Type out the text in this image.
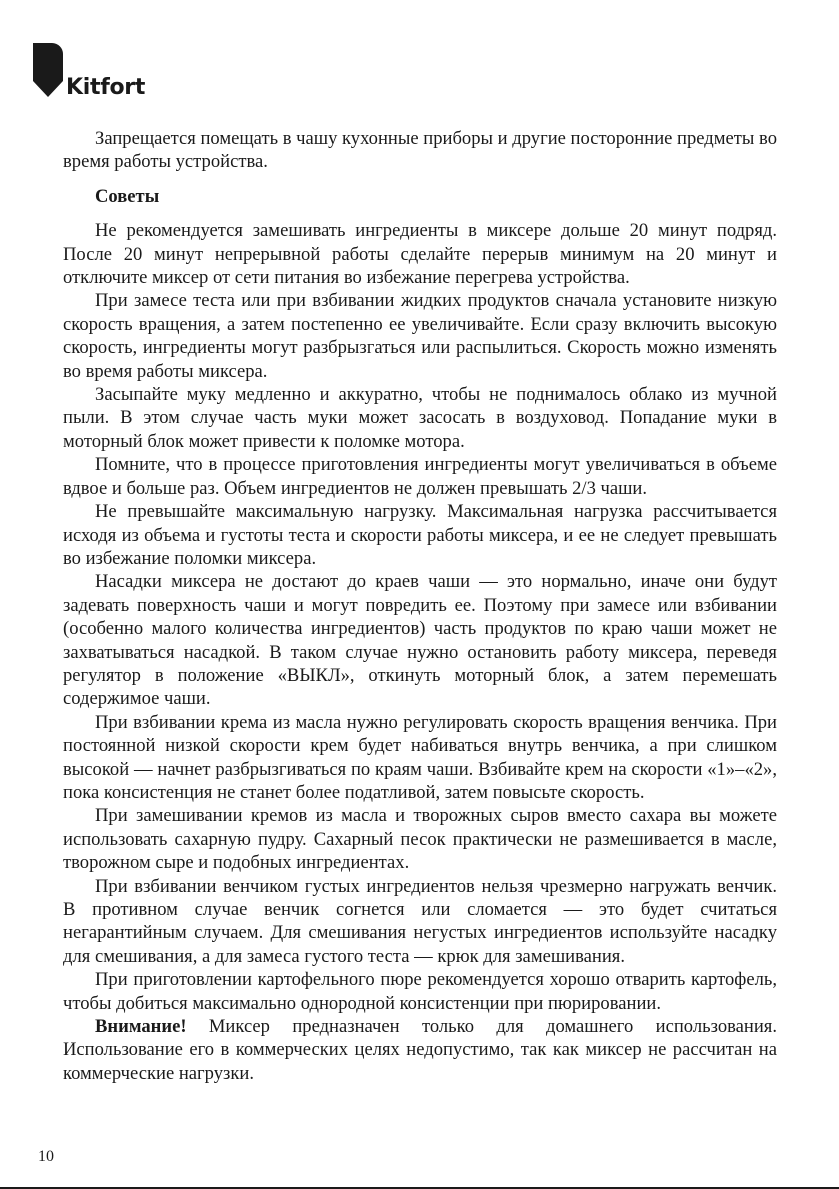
Kitfort

Запрещается помещать в чашу кухонные приборы и другие посторонние предметы во время работы устройства.

Советы

Не рекомендуется замешивать ингредиенты в миксере дольше 20 минут подряд. После 20 минут непрерывной работы сделайте перерыв минимум на 20 минут и отключите миксер от сети питания во избежание перегрева устройства.

При замесе теста или при взбивании жидких продуктов сначала установите низкую скорость вращения, а затем постепенно ее увеличивайте. Если сразу включить высокую скорость, ингредиенты могут разбрызгаться или распылиться. Скорость можно изменять во время работы миксера.

Засыпайте муку медленно и аккуратно, чтобы не поднималось облако из мучной пыли. В этом случае часть муки может засосать в воздуховод. Попадание муки в моторный блок может привести к поломке мотора.

Помните, что в процессе приготовления ингредиенты могут увеличиваться в объеме вдвое и больше раз. Объем ингредиентов не должен превышать 2/3 чаши.

Не превышайте максимальную нагрузку. Максимальная нагрузка рассчитывается исходя из объема и густоты теста и скорости работы миксера, и ее не следует превышать во избежание поломки миксера.

Насадки миксера не достают до краев чаши — это нормально, иначе они будут задевать поверхность чаши и могут повредить ее. Поэтому при замесе или взбивании (особенно малого количества ингредиентов) часть продуктов по краю чаши может не захватываться насадкой. В таком случае нужно остановить работу миксера, переведя регулятор в положение «ВЫКЛ», откинуть моторный блок, а затем перемешать содержимое чаши.

При взбивании крема из масла нужно регулировать скорость вращения венчика. При постоянной низкой скорости крем будет набиваться внутрь венчика, а при слишком высокой — начнет разбрызгиваться по краям чаши. Взбивайте крем на скорости «1»–«2», пока консистенция не станет более податливой, затем повысьте скорость.

При замешивании кремов из масла и творожных сыров вместо сахара вы можете использовать сахарную пудру. Сахарный песок практически не размешивается в масле, творожном сыре и подобных ингредиентах.

При взбивании венчиком густых ингредиентов нельзя чрезмерно нагружать венчик. В противном случае венчик согнется или сломается — это будет считаться негарантийным случаем. Для смешивания негустых ингредиентов используйте насадку для смешивания, а для замеса густого теста — крюк для замешивания.

При приготовлении картофельного пюре рекомендуется хорошо отварить картофель, чтобы добиться максимально однородной консистенции при пюрировании.

Внимание! Миксер предназначен только для домашнего использования. Использование его в коммерческих целях недопустимо, так как миксер не рассчитан на коммерческие нагрузки.

10
